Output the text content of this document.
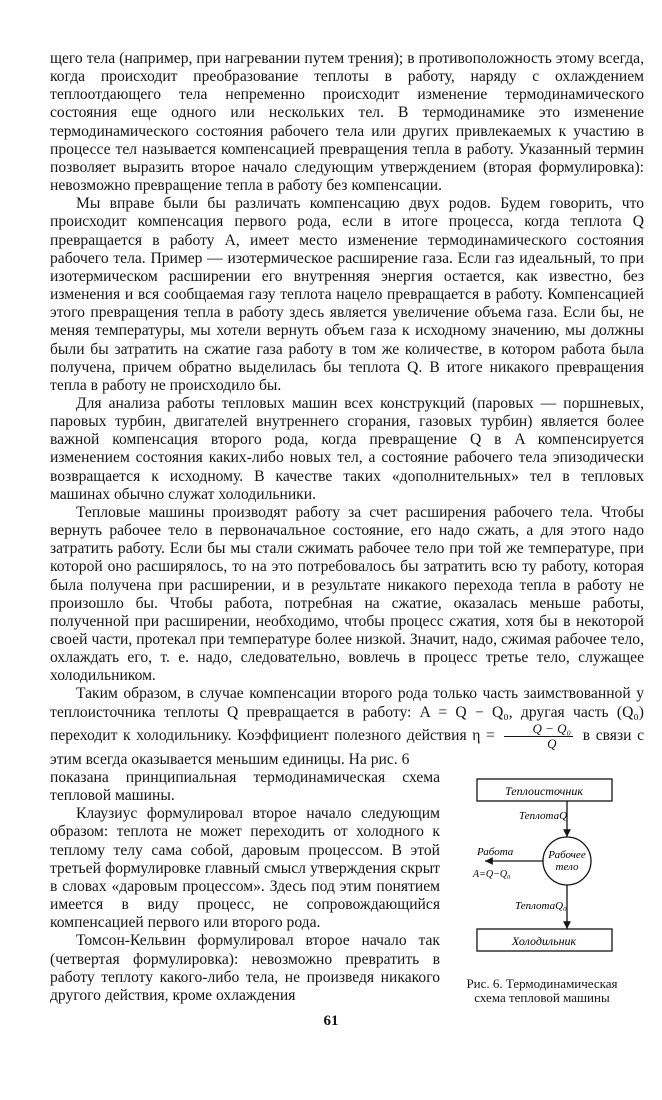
щего тела (например, при нагревании путем трения); в противоположность этому всегда, когда происходит преобразование теплоты в работу, наряду с охлаждением теплоотдающего тела непременно происходит изменение термодинамического состояния еще одного или нескольких тел. В термодинамике это изменение термодинамического состояния рабочего тела или других привлекаемых к участию в процессе тел называется компенсацией превращения тепла в работу. Указанный термин позволяет выразить второе начало следующим утверждением (вторая формулировка): невозможно превращение тепла в работу без компенсации.

Мы вправе были бы различать компенсацию двух родов. Будем говорить, что происходит компенсация первого рода, если в итоге процесса, когда теплота Q превращается в работу A, имеет место изменение термодинамического состояния рабочего тела. Пример — изотермическое расширение газа. Если газ идеальный, то при изотермическом расширении его внутренняя энергия остается, как известно, без изменения и вся сообщаемая газу теплота нацело превращается в работу. Компенсацией этого превращения тепла в работу здесь является увеличение объема газа. Если бы, не меняя температуры, мы хотели вернуть объем газа к исходному значению, мы должны были бы затратить на сжатие газа работу в том же количестве, в котором работа была получена, причем обратно выделилась бы теплота Q. В итоге никакого превращения тепла в работу не происходило бы.

Для анализа работы тепловых машин всех конструкций (паровых — поршневых, паровых турбин, двигателей внутреннего сгорания, газовых турбин) является более важной компенсация второго рода, когда превращение Q в A компенсируется изменением состояния каких-либо новых тел, а состояние рабочего тела эпизодически возвращается к исходному. В качестве таких «дополнительных» тел в тепловых машинах обычно служат холодильники.

Тепловые машины производят работу за счет расширения рабочего тела. Чтобы вернуть рабочее тело в первоначальное состояние, его надо сжать, а для этого надо затратить работу. Если бы мы стали сжимать рабочее тело при той же температуре, при которой оно расширялось, то на это потребовалось бы затратить всю ту работу, которая была получена при расширении, и в результате никакого перехода тепла в работу не произошло бы. Чтобы работа, потребная на сжатие, оказалась меньше работы, полученной при расширении, необходимо, чтобы процесс сжатия, хотя бы в некоторой своей части, протекал при температуре более низкой. Значит, надо, сжимая рабочее тело, охлаждать его, т. е. надо, следовательно, вовлечь в процесс третье тело, служащее холодильником.

Таким образом, в случае компенсации второго рода только часть заимствованной у теплоисточника теплоты Q превращается в работу: A = Q − Q₀, другая часть (Q₀) переходит к холодильнику. Коэффициент полезного действия $\eta = \frac{\text{Q − Q₀}}{Q}$ в связи с этим всегда оказывается меньшим единицы. На рис. 6

показана принципиальная термодинамическая схема тепловой машины.

Клаузиус формулировал второе начало следующим образом: теплота не может переходить от холодного к теплому телу сама собой, даровым процессом. В этой третьей формулировке главный смысл утверждения скрыт в словах «даровым процессом». Здесь под этим понятием имеется в виду процесс, не сопровождающийся компенсацией первого или второго рода.

Томсон-Кельвин формулировал второе начало так (четвертая формулировка): невозможно превратить в работу теплоту какого-либо тела, не произведя никакого другого действия, кроме охлаждения

Теплоисточник
ТеплотаQ
Рабочее
тело
Работа
A=Q−Q₀
ТеплотаQ₀
Холодильник
Рис. 6. Термодинамическая схема тепловой машины
61
